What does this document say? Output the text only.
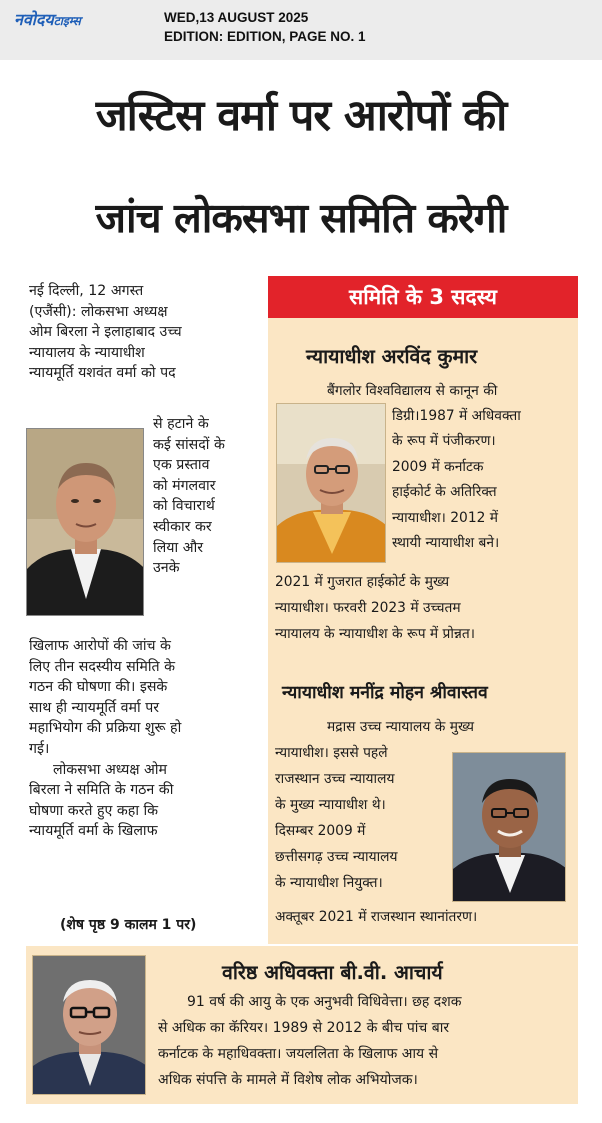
नवोदयटाइम्स	WED,13 AUGUST 2025
EDITION: EDITION, PAGE NO. 1
जस्टिस वर्मा पर आरोपों की
जांच लोकसभा समिति करेगी

नई दिल्ली, 12 अगस्त

(एजैंसी): लोकसभा अध्यक्ष

ओम बिरला ने इलाहाबाद उच्च

न्यायालय के न्यायाधीश

न्यायमूर्ति यशवंत वर्मा को पद

से हटाने के

कई सांसदों के

एक प्रस्ताव

को मंगलवार

को विचारार्थ

स्वीकार कर

लिया और

उनके

खिलाफ आरोपों की जांच के

लिए तीन सदस्यीय समिति के

गठन की घोषणा की। इसके

साथ ही न्यायमूर्ति वर्मा पर

महाभियोग की प्रक्रिया शुरू हो

गई।

लोकसभा अध्यक्ष ओम

बिरला ने समिति के गठन की

घोषणा करते हुए कहा कि

न्यायमूर्ति वर्मा के खिलाफ

(शेष पृष्ठ 9 कालम 1 पर)
समिति के 3 सदस्य
न्यायाधीश अरविंद कुमार
बैंगलोर विश्वविद्यालय से कानून की
डिग्री।1987 में अधिवक्ता
के रूप में पंजीकरण।
2009 में कर्नाटक
हाईकोर्ट के अतिरिक्त
न्यायाधीश। 2012 में
स्थायी न्यायाधीश बने।
2021 में गुजरात हाईकोर्ट के मुख्य
न्यायाधीश। फरवरी 2023 में उच्चतम
न्यायालय के न्यायाधीश के रूप में प्रोन्नत।
न्यायाधीश मनींद्र मोहन श्रीवास्तव
मद्रास उच्च न्यायालय के मुख्य
न्यायाधीश। इससे पहले
राजस्थान उच्च न्यायालय
के मुख्य न्यायाधीश थे।
दिसम्बर 2009 में
छत्तीसगढ़ उच्च न्यायालय
के न्यायाधीश नियुक्त।
अक्तूबर 2021 में राजस्थान स्थानांतरण।
वरिष्ठ अधिवक्ता बी.वी. आचार्य
91 वर्ष की आयु के एक अनुभवी विधिवेत्ता। छह दशक
से अधिक का कॅरियर। 1989 से 2012 के बीच पांच बार
कर्नाटक के महाधिवक्ता। जयललिता के खिलाफ आय से
अधिक संपत्ति के मामले में विशेष लोक अभियोजक।
